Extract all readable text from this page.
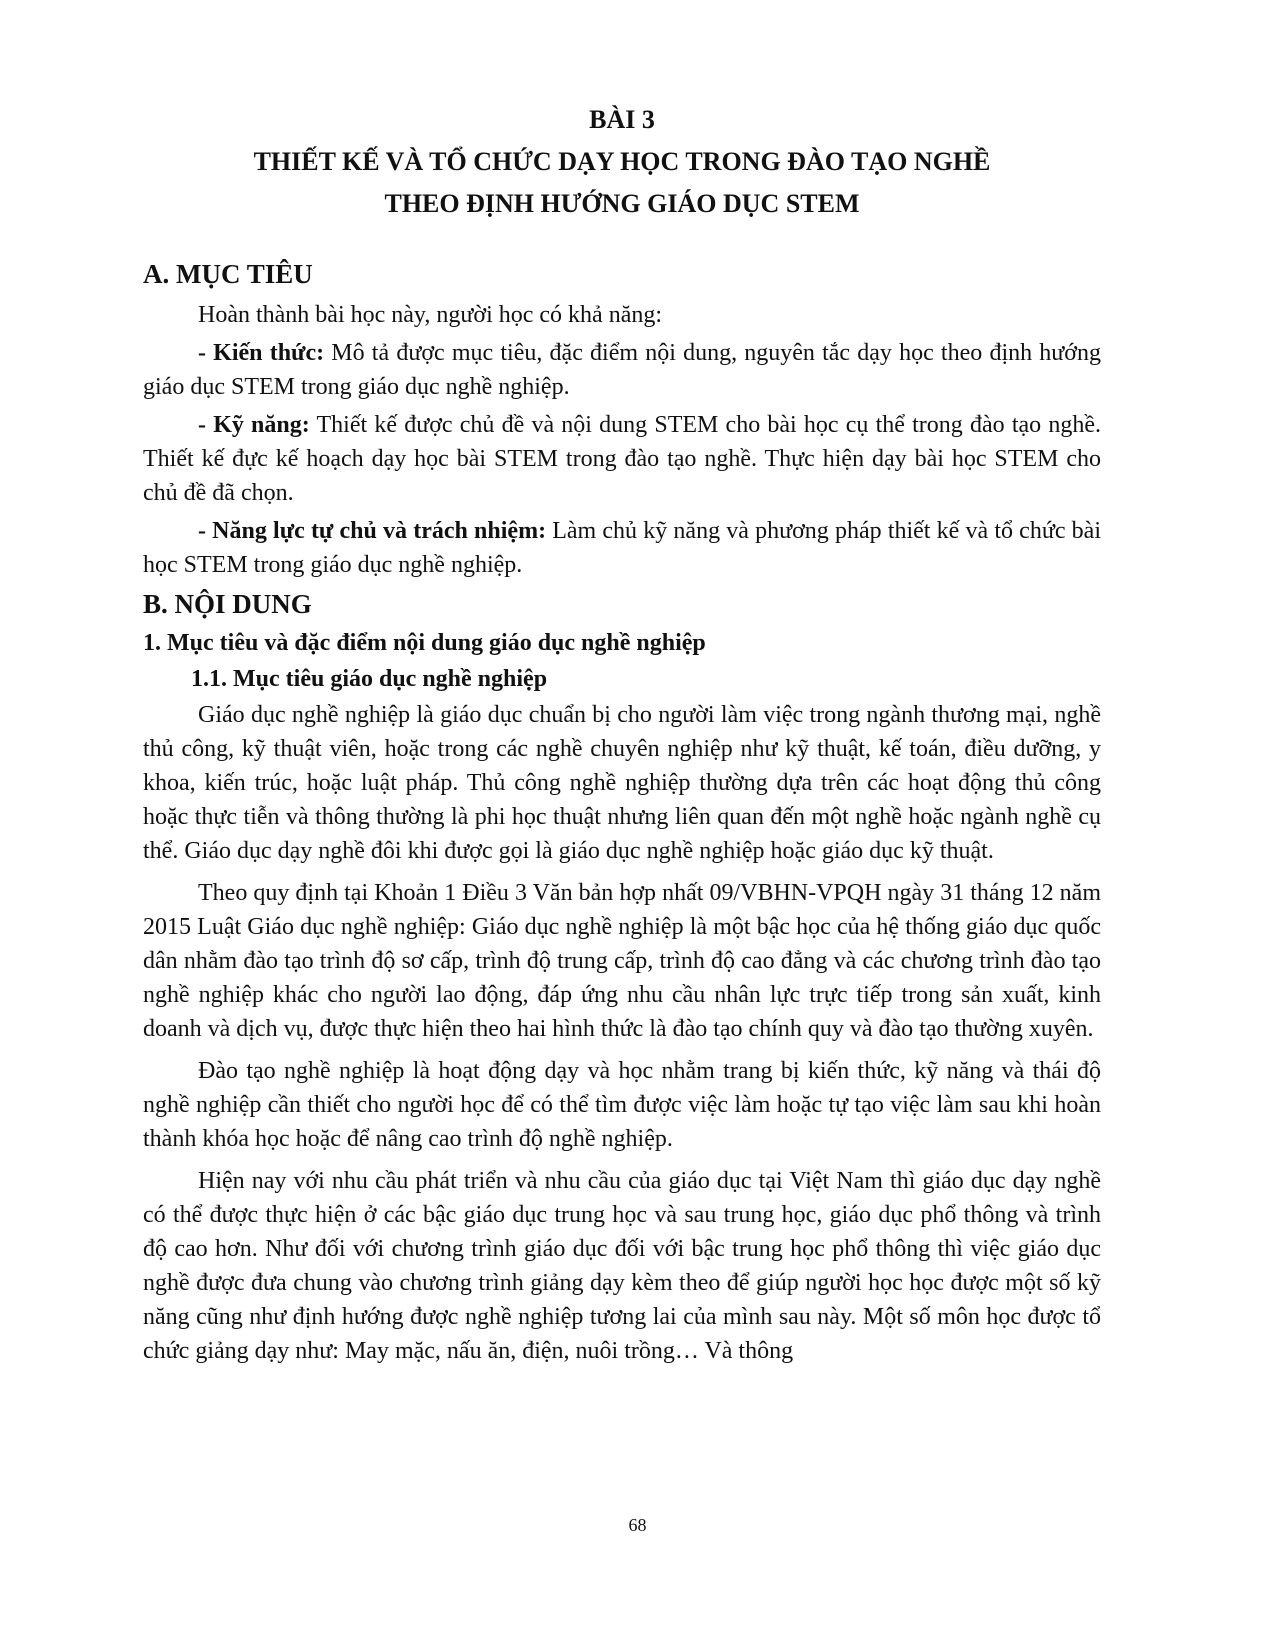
BÀI 3
THIẾT KẾ VÀ TỔ CHỨC DẠY HỌC TRONG ĐÀO TẠO NGHỀ
THEO ĐỊNH HƯỚNG GIÁO DỤC STEM
A. MỤC TIÊU

Hoàn thành bài học này, người học có khả năng:

- Kiến thức: Mô tả được mục tiêu, đặc điểm nội dung, nguyên tắc dạy học theo định hướng giáo dục STEM trong giáo dục nghề nghiệp.

- Kỹ năng: Thiết kế được chủ đề và nội dung STEM cho bài học cụ thể trong đào tạo nghề. Thiết kế đực kế hoạch dạy học bài STEM trong đào tạo nghề. Thực hiện dạy bài học STEM cho chủ đề đã chọn.

- Năng lực tự chủ và trách nhiệm: Làm chủ kỹ năng và phương pháp thiết kế và tổ chức bài học STEM trong giáo dục nghề nghiệp.

B. NỘI DUNG
1. Mục tiêu và đặc điểm nội dung giáo dục nghề nghiệp
1.1. Mục tiêu giáo dục nghề nghiệp

Giáo dục nghề nghiệp là giáo dục chuẩn bị cho người làm việc trong ngành thương mại, nghề thủ công, kỹ thuật viên, hoặc trong các nghề chuyên nghiệp như kỹ thuật, kế toán, điều dưỡng, y khoa, kiến trúc, hoặc luật pháp. Thủ công nghề nghiệp thường dựa trên các hoạt động thủ công hoặc thực tiễn và thông thường là phi học thuật nhưng liên quan đến một nghề hoặc ngành nghề cụ thể. Giáo dục dạy nghề đôi khi được gọi là giáo dục nghề nghiệp hoặc giáo dục kỹ thuật.

Theo quy định tại Khoản 1 Điều 3 Văn bản hợp nhất 09/VBHN-VPQH ngày 31 tháng 12 năm 2015 Luật Giáo dục nghề nghiệp: Giáo dục nghề nghiệp là một bậc học của hệ thống giáo dục quốc dân nhằm đào tạo trình độ sơ cấp, trình độ trung cấp, trình độ cao đẳng và các chương trình đào tạo nghề nghiệp khác cho người lao động, đáp ứng nhu cầu nhân lực trực tiếp trong sản xuất, kinh doanh và dịch vụ, được thực hiện theo hai hình thức là đào tạo chính quy và đào tạo thường xuyên.

Đào tạo nghề nghiệp là hoạt động dạy và học nhằm trang bị kiến thức, kỹ năng và thái độ nghề nghiệp cần thiết cho người học để có thể tìm được việc làm hoặc tự tạo việc làm sau khi hoàn thành khóa học hoặc để nâng cao trình độ nghề nghiệp.

Hiện nay với nhu cầu phát triển và nhu cầu của giáo dục tại Việt Nam thì giáo dục dạy nghề có thể được thực hiện ở các bậc giáo dục trung học và sau trung học, giáo dục phổ thông và trình độ cao hơn. Như đối với chương trình giáo dục đối với bậc trung học phổ thông thì việc giáo dục nghề được đưa chung vào chương trình giảng dạy kèm theo để giúp người học học được một số kỹ năng cũng như định hướng được nghề nghiệp tương lai của mình sau này. Một số môn học được tổ chức giảng dạy như: May mặc, nấu ăn, điện, nuôi trồng… Và thông

68
